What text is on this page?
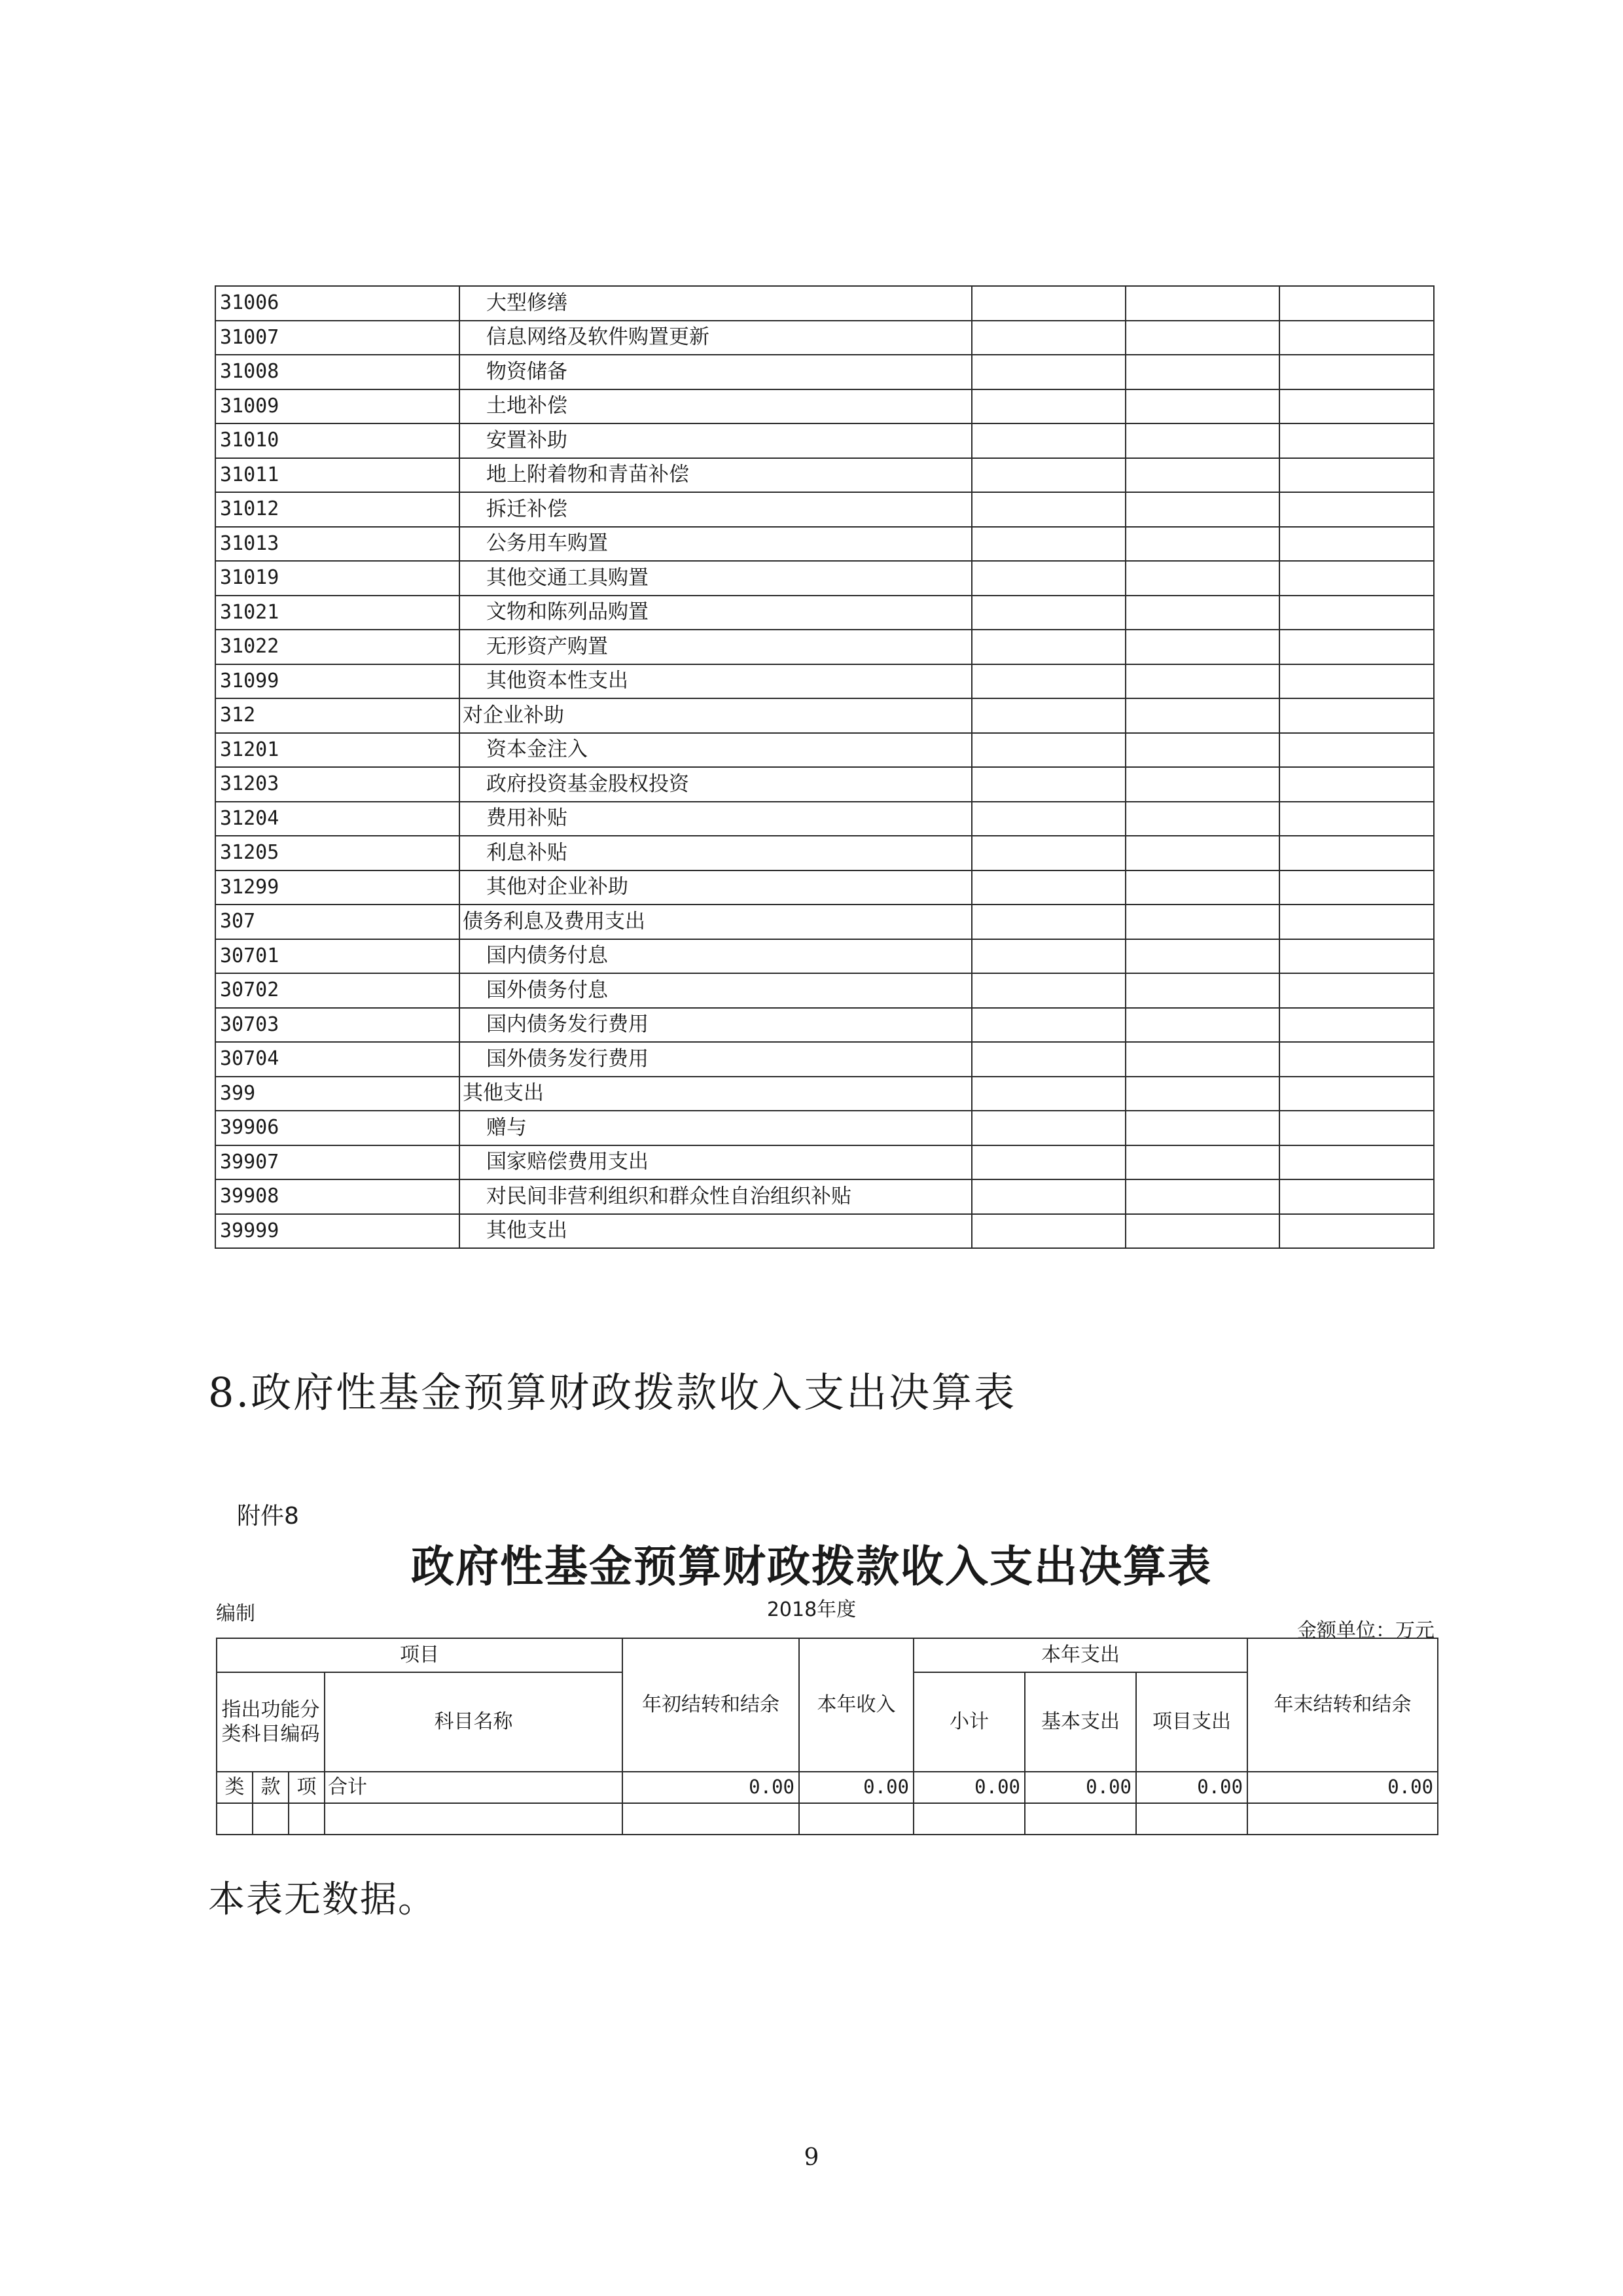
31006	大型修缮			
31007	信息网络及软件购置更新			
31008	物资储备			
31009	土地补偿			
31010	安置补助			
31011	地上附着物和青苗补偿			
31012	拆迁补偿			
31013	公务用车购置			
31019	其他交通工具购置			
31021	文物和陈列品购置			
31022	无形资产购置			
31099	其他资本性支出			
312	对企业补助			
31201	资本金注入			
31203	政府投资基金股权投资			
31204	费用补贴			
31205	利息补贴			
31299	其他对企业补助			
307	债务利息及费用支出			
30701	国内债务付息			
30702	国外债务付息			
30703	国内债务发行费用			
30704	国外债务发行费用			
399	其他支出			
39906	赠与			
39907	国家赔偿费用支出			
39908	对民间非营利组织和群众性自治组织补贴			
39999	其他支出			
8.政府性基金预算财政拨款收入支出决算表
附件8
政府性基金预算财政拨款收入支出决算表
编制	2018年度
金额单位：万元
项目				年初结转和结余	本年收入	本年支出			年末结转和结余
指出功能分类科目编码			科目名称			小计	基本支出	项目支出	
类	款	项	合计	0.00	0.00	0.00	0.00	0.00	0.00

本表无数据。
9
